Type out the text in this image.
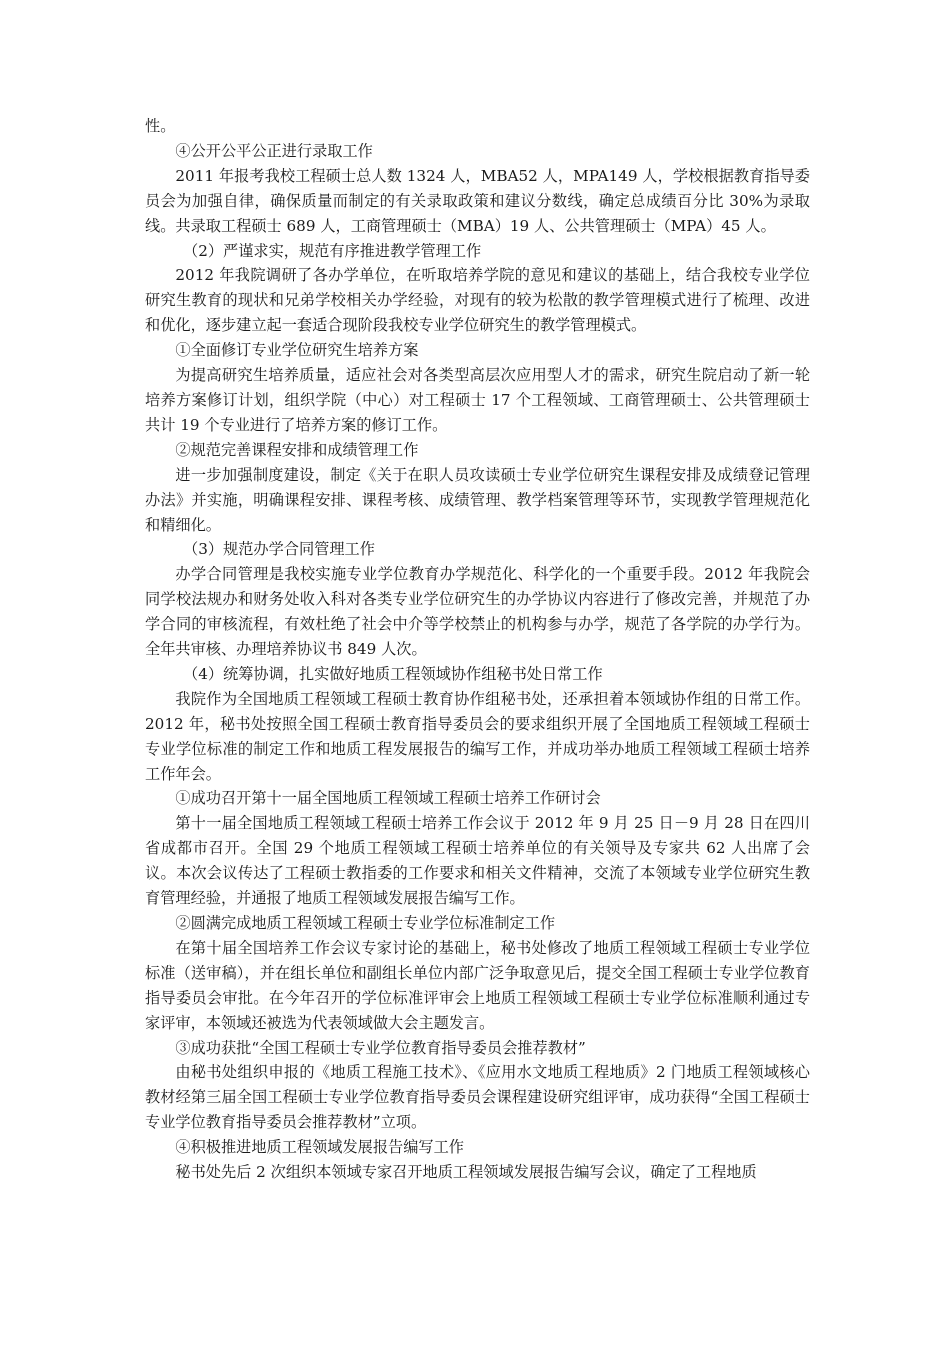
性。

④公开公平公正进行录取工作

2011 年报考我校工程硕士总人数 1324 人，MBA52 人，MPA149 人，学校根据教育指导委员会为加强自律，确保质量而制定的有关录取政策和建议分数线，确定总成绩百分比 30%为录取线。共录取工程硕士 689 人，工商管理硕士（MBA）19 人、公共管理硕士（MPA）45 人。

（2）严谨求实，规范有序推进教学管理工作

2012 年我院调研了各办学单位，在听取培养学院的意见和建议的基础上，结合我校专业学位研究生教育的现状和兄弟学校相关办学经验，对现有的较为松散的教学管理模式进行了梳理、改进和优化，逐步建立起一套适合现阶段我校专业学位研究生的教学管理模式。

①全面修订专业学位研究生培养方案

为提高研究生培养质量，适应社会对各类型高层次应用型人才的需求，研究生院启动了新一轮培养方案修订计划，组织学院（中心）对工程硕士 17 个工程领域、工商管理硕士、公共管理硕士共计 19 个专业进行了培养方案的修订工作。

②规范完善课程安排和成绩管理工作

进一步加强制度建设，制定《关于在职人员攻读硕士专业学位研究生课程安排及成绩登记管理办法》并实施，明确课程安排、课程考核、成绩管理、教学档案管理等环节，实现教学管理规范化和精细化。

（3）规范办学合同管理工作

办学合同管理是我校实施专业学位教育办学规范化、科学化的一个重要手段。2012 年我院会同学校法规办和财务处收入科对各类专业学位研究生的办学协议内容进行了修改完善，并规范了办学合同的审核流程，有效杜绝了社会中介等学校禁止的机构参与办学，规范了各学院的办学行为。全年共审核、办理培养协议书 849 人次。

（4）统筹协调，扎实做好地质工程领域协作组秘书处日常工作

我院作为全国地质工程领域工程硕士教育协作组秘书处，还承担着本领域协作组的日常工作。2012 年，秘书处按照全国工程硕士教育指导委员会的要求组织开展了全国地质工程领域工程硕士专业学位标准的制定工作和地质工程发展报告的编写工作，并成功举办地质工程领域工程硕士培养工作年会。

①成功召开第十一届全国地质工程领域工程硕士培养工作研讨会

第十一届全国地质工程领域工程硕士培养工作会议于 2012 年 9 月 25 日－9 月 28 日在四川省成都市召开。全国 29 个地质工程领域工程硕士培养单位的有关领导及专家共 62 人出席了会议。本次会议传达了工程硕士教指委的工作要求和相关文件精神，交流了本领域专业学位研究生教育管理经验，并通报了地质工程领域发展报告编写工作。

②圆满完成地质工程领域工程硕士专业学位标准制定工作

在第十届全国培养工作会议专家讨论的基础上，秘书处修改了地质工程领域工程硕士专业学位标准（送审稿），并在组长单位和副组长单位内部广泛争取意见后，提交全国工程硕士专业学位教育指导委员会审批。在今年召开的学位标准评审会上地质工程领域工程硕士专业学位标准顺利通过专家评审，本领域还被选为代表领域做大会主题发言。

③成功获批“全国工程硕士专业学位教育指导委员会推荐教材”

由秘书处组织申报的《地质工程施工技术》、《应用水文地质工程地质》2 门地质工程领域核心教材经第三届全国工程硕士专业学位教育指导委员会课程建设研究组评审，成功获得“全国工程硕士专业学位教育指导委员会推荐教材”立项。

④积极推进地质工程领域发展报告编写工作

秘书处先后 2 次组织本领域专家召开地质工程领域发展报告编写会议，确定了工程地质
